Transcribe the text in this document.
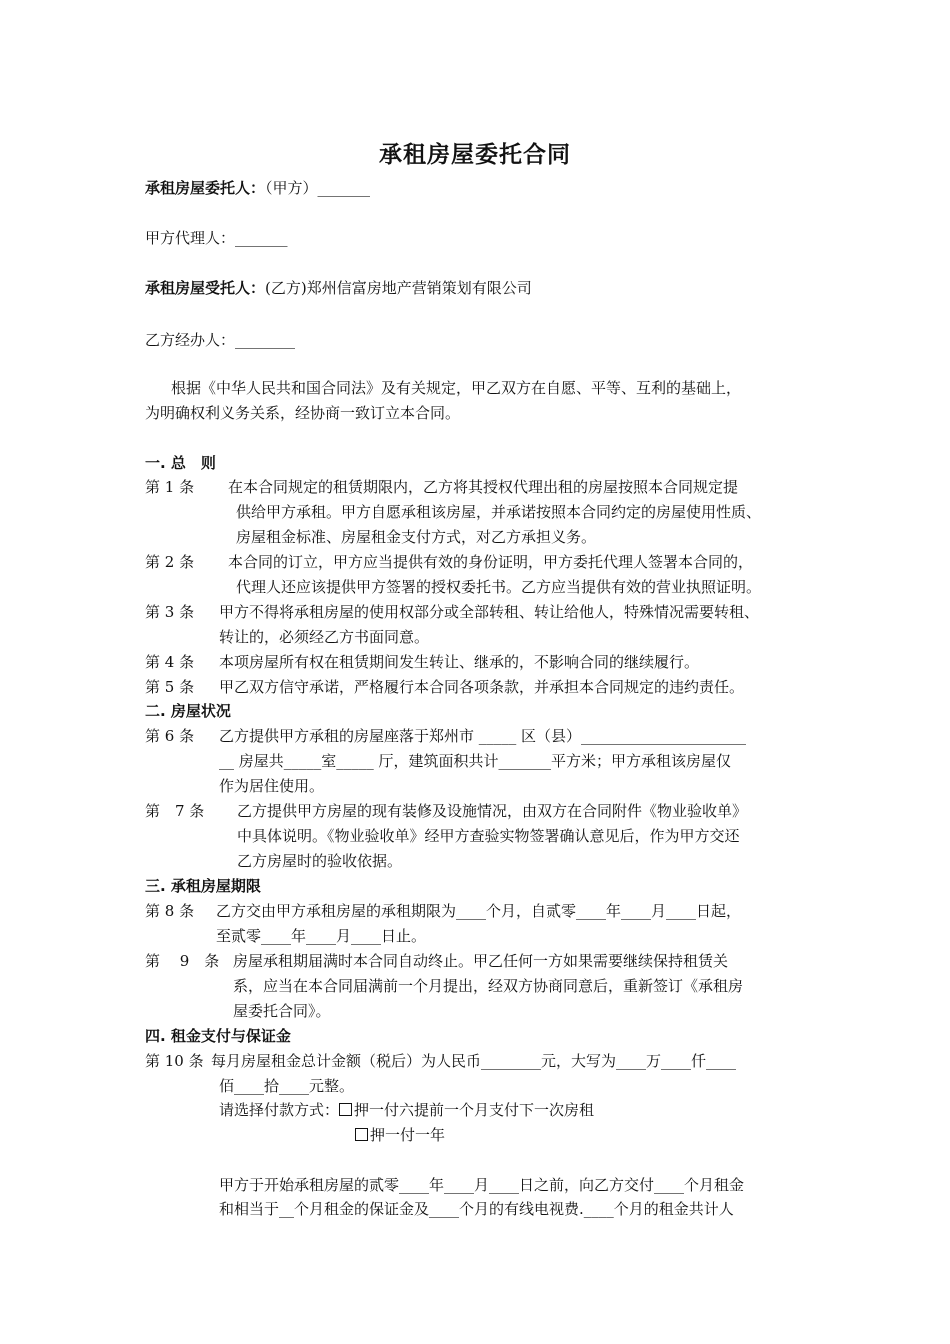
承租房屋委托合同
承租房屋委托人：（甲方）_______
甲方代理人：_______
承租房屋受托人：(乙方)郑州信富房地产营销策划有限公司
乙方经办人：________
根据《中华人民共和国合同法》及有关规定，甲乙双方在自愿、平等、互利的基础上，
为明确权利义务关系，经协商一致订立本合同。
一. 总　则
第 1 条 在本合同规定的租赁期限内，乙方将其授权代理出租的房屋按照本合同规定提
供给甲方承租。甲方自愿承租该房屋，并承诺按照本合同约定的房屋使用性质、
房屋租金标准、房屋租金支付方式，对乙方承担义务。
第 2 条 本合同的订立，甲方应当提供有效的身份证明，甲方委托代理人签署本合同的，
代理人还应该提供甲方签署的授权委托书。乙方应当提供有效的营业执照证明。
第 3 条 甲方不得将承租房屋的使用权部分或全部转租、转让给他人，特殊情况需要转租、
转让的，必须经乙方书面同意。
第 4 条 本项房屋所有权在租赁期间发生转让、继承的，不影响合同的继续履行。
第 5 条 甲乙双方信守承诺，严格履行本合同各项条款，并承担本合同规定的违约责任。
二. 房屋状况
第 6 条 乙方提供甲方承租的房屋座落于郑州市 _____ 区（县）______________________
__ 房屋共_____室_____ 厅，建筑面积共计_______平方米；甲方承租该房屋仅
作为居住使用。
第　7 条 乙方提供甲方房屋的现有装修及设施情况，由双方在合同附件《物业验收单》
中具体说明。《物业验收单》经甲方查验实物签署确认意见后，作为甲方交还
乙方房屋时的验收依据。
三. 承租房屋期限
第 8 条 乙方交由甲方承租房屋的承租期限为____个月，自贰零____年____月____日起，
至贰零____年____月____日止。
第　 9　条 房屋承租期届满时本合同自动终止。甲乙任何一方如果需要继续保持租赁关
系，应当在本合同届满前一个月提出，经双方协商同意后，重新签订《承租房
屋委托合同》。
四. 租金支付与保证金
第 10 条 每月房屋租金总计金额（税后）为人民币________元，大写为____万____仟____
佰____拾____元整。
请选择付款方式： 押一付六提前一个月支付下一次房租
押一付一年
甲方于开始承租房屋的贰零____年____月____日之前，向乙方交付____个月租金
和相当于__个月租金的保证金及____个月的有线电视费.____个月的租金共计人
